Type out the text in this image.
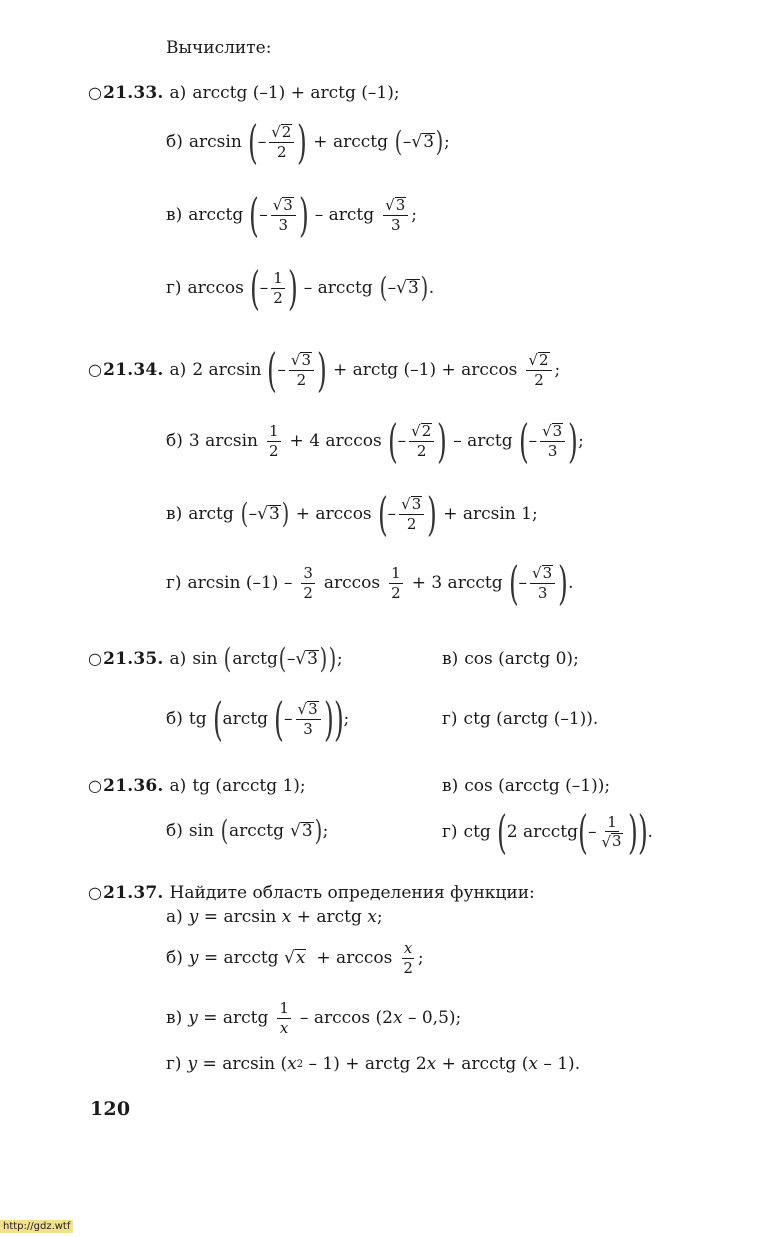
Вычислите:
○21.33. а) arcctg (–1) + arctg (–1);
б) arcsin ( – $\frac{√ 2}{2}$ ) + arcctg ( – √ 3 ) ;
в) arcctg ( – $\frac{√ 3}{3}$ ) – arctg $\frac{√ 3}{3}$ ;
г) arccos ( – $\frac{1}{2}$ ) – arcctg ( – √ 3 ) .
○21.34. а) 2 arcsin ( – $\frac{√ 3}{2}$ ) + arctg $(-1) + \arccos \frac{√ 2}{2}$ ;
б) 3 $\arcsin \frac{1}{2} + 4$ arccos ( – $\frac{√ 2}{2}$ ) – arctg ( – $\frac{√ 3}{3}$ ) ;
в) arctg ( – √ 3 ) + arccos ( – $\frac{√ 3}{2}$ ) + arcsin 1;
г) $\arcsin (-1) - \frac{3}{2}$ $\arccos \frac{1}{2} + 3$ arcctg ( – $\frac{√ 3}{3}$ ) .
○21.35. а) sin ( arctg ( – √ 3 ) ) ;	в) cos (arctg 0);
б) tg ( arctg ( – $\frac{√ 3}{3}$ ) ) ;	г) ctg (arctg (–1)).
○21.36. а) tg (arcctg 1);	в) cos (arcctg (–1));
б) sin ( arcctg √ 3 ) ;	г) ctg ( 2 arcctg ( – $\frac{1}{√ 3}$ ) ) .
○21.37. Найдите область определения функции:
а) y = arcsin x + arctg x ;
б) y = arcctg √ $x + \arccos \frac{x}{2}$ ;
в) y = arctg $\frac{1}{x}$ – arccos (2 x – 0,5);
г) y = arcsin ( x 2 – 1) + arctg 2 x + arcctg ( x – 1).
120
http://gdz.wtf
